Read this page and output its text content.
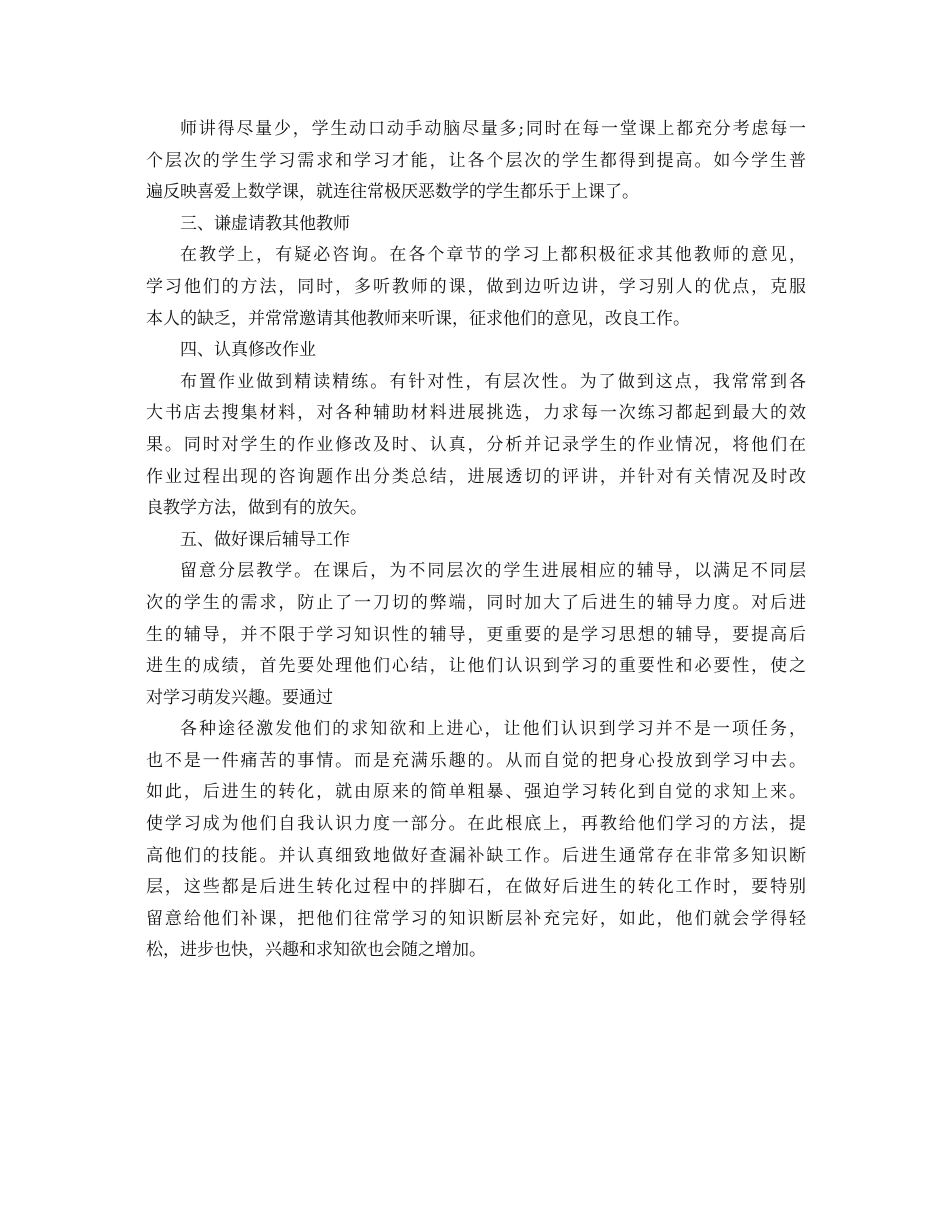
师讲得尽量少，学生动口动手动脑尽量多;同时在每一堂课上都充分考虑每一
个层次的学生学习需求和学习才能，让各个层次的学生都得到提高。如今学生普
遍反映喜爱上数学课，就连往常极厌恶数学的学生都乐于上课了。
三、谦虚请教其他教师
在教学上，有疑必咨询。在各个章节的学习上都积极征求其他教师的意见，
学习他们的方法，同时，多听教师的课，做到边听边讲，学习别人的优点，克服
本人的缺乏，并常常邀请其他教师来听课，征求他们的意见，改良工作。
四、认真修改作业
布置作业做到精读精练。有针对性，有层次性。为了做到这点，我常常到各
大书店去搜集材料，对各种辅助材料进展挑选，力求每一次练习都起到最大的效
果。同时对学生的作业修改及时、认真，分析并记录学生的作业情况，将他们在
作业过程出现的咨询题作出分类总结，进展透切的评讲，并针对有关情况及时改
良教学方法，做到有的放矢。
五、做好课后辅导工作
留意分层教学。在课后，为不同层次的学生进展相应的辅导，以满足不同层
次的学生的需求，防止了一刀切的弊端，同时加大了后进生的辅导力度。对后进
生的辅导，并不限于学习知识性的辅导，更重要的是学习思想的辅导，要提高后
进生的成绩，首先要处理他们心结，让他们认识到学习的重要性和必要性，使之
对学习萌发兴趣。要通过
各种途径激发他们的求知欲和上进心，让他们认识到学习并不是一项任务，
也不是一件痛苦的事情。而是充满乐趣的。从而自觉的把身心投放到学习中去。
如此，后进生的转化，就由原来的简单粗暴、强迫学习转化到自觉的求知上来。
使学习成为他们自我认识力度一部分。在此根底上，再教给他们学习的方法，提
高他们的技能。并认真细致地做好查漏补缺工作。后进生通常存在非常多知识断
层，这些都是后进生转化过程中的拌脚石，在做好后进生的转化工作时，要特别
留意给他们补课，把他们往常学习的知识断层补充完好，如此，他们就会学得轻
松，进步也快，兴趣和求知欲也会随之增加。
